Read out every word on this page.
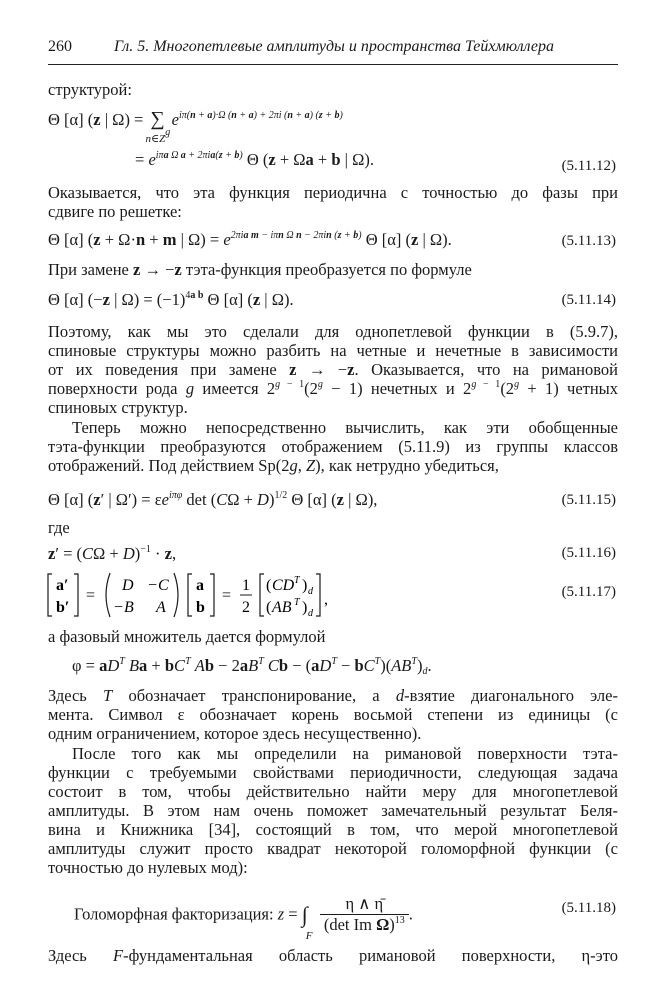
260	Гл. 5. Многопетлевые амплитуды и пространства Тейхмюллера
структурой:
Θ [α] (z | Ω) = ∑
$n\in Z^g$
$e^{i\pi(n + a)\cdot\Omega (n + a) + 2\pi i (n + a) (z + b)}$
= $e^{i\pi a \Omega a + 2\pi ia(z + b)}$ Θ (z + Ωa + b | Ω).	(5.11.12)
Оказывается, что эта функция периодична с точностью до фазы при
сдвиге по решетке:
Θ [α] (z + Ω·n + m | $\Omega) = e^{2\pi ia m - i\pi n \Omega n - 2\pi in (z + b)}$ Θ [α] (z | Ω).	(5.11.13)
При замене z → −z тэта-функция преобразуется по формуле
Θ [α] (−z | $\Omega) = (-1)^{4a b}$ Θ [α] (z | Ω).	(5.11.14)
Поэтому, как мы это сделали для однопетлевой функции в (5.9.7),
спиновые структуры можно разбить на четные и нечетные в зависимости
от их поведения при замене z → −z. Оказывается, что на римановой
поверхности рода g имеется $2^{g - 1}(2^g - 1)$ нечетных и $2^{g - 1}(2^g + 1)$ четных
спиновых структур.
Теперь можно непосредственно вычислить, как эти обобщенные
тэта-функции преобразуются отображением (5.11.9) из группы классов
отображений. Под действием Sp(2g, Z), как нетрудно убедиться,
Θ [α] (z′ | $\Omega') = \varepsilon e^{i\pi\varphi}$ $\det (C\Omega + D)^{1/2}$ Θ [α] (z | Ω),	(5.11.15)
где
$z' = (C\Omega + D)^{-1} \cdot z$,	(5.11.16)
a′
b′
=
D − C
− B A
a
b
=
1
2
( CD T ) d
( AB T ) d
,	(5.11.17)
а фазовый множитель дается формулой
$\varphi = aD^T$ $Ba + bC^T$ $Ab - 2aB^T$ $Cb - (aD^T - bC^T)(AB^T)_d$.
Здесь T обозначает транспонирование, а d-взятие диагонального эле-
мента. Символ ε обозначает корень восьмой степени из единицы (с
одним ограничением, которое здесь несущественно).
После того как мы определили на римановой поверхности тэта-
функции с требуемыми свойствами периодичности, следующая задача
состоит в том, чтобы действительно найти меру для многопетлевой
амплитуды. В этом нам очень поможет замечательный результат Беля-
вина и Книжника [34], состоящий в том, что мерой многопетлевой
амплитуды служит просто квадрат некоторой голоморфной функции (с
точностью до нулевых мод):
Голоморфная факторизация: z = ∫
F

η ∧ η̄
(det Im Ω)$^{13}$ .	(5.11.18)
Здесь F-фундаментальная область римановой поверхности, η-это
